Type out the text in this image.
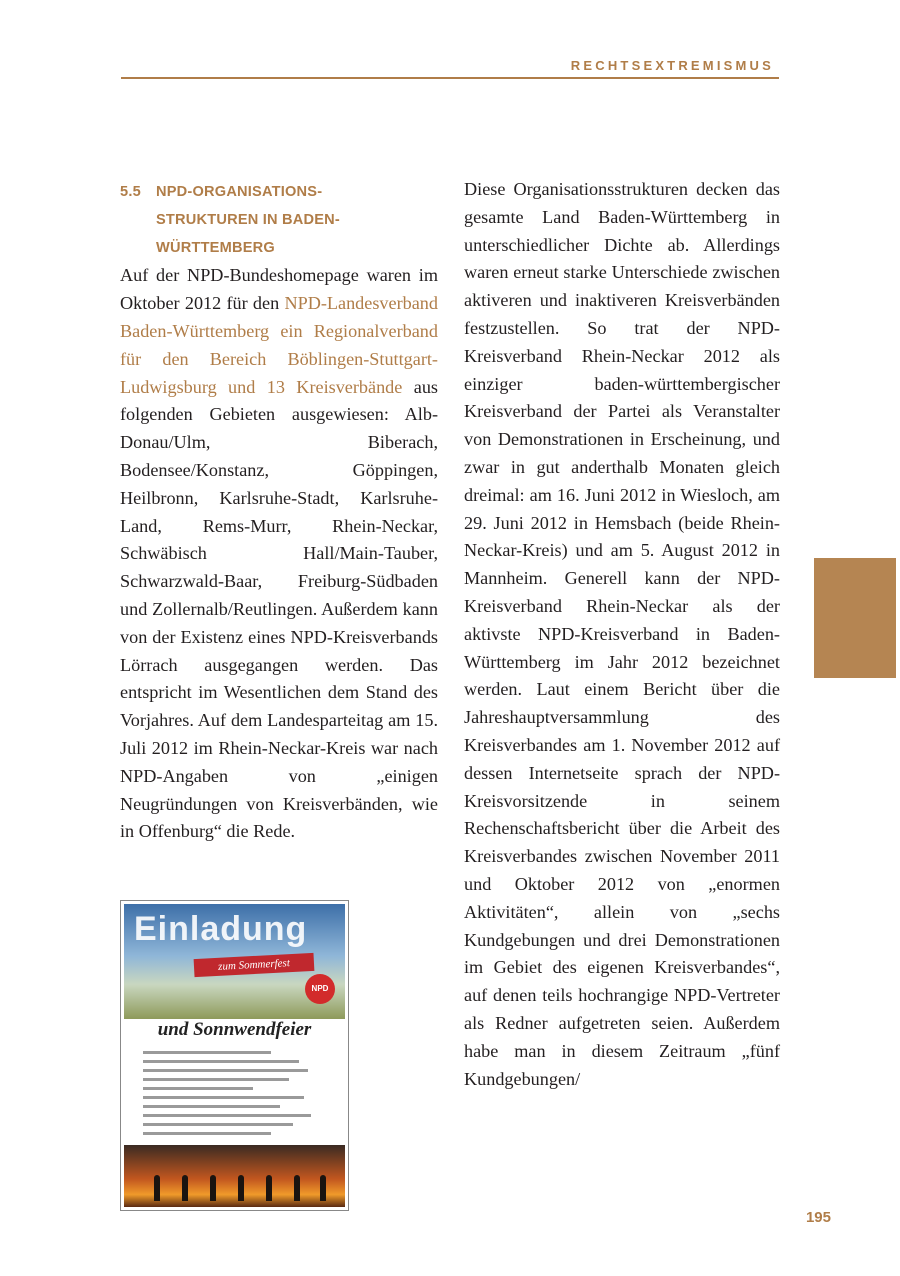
RECHTSEXTREMISMUS
5.5	NPD-ORGANISATIONS-
STRUKTUREN IN BADEN-
WÜRTTEMBERG

Auf der NPD-Bundeshomepage waren im Oktober 2012 für den NPD-Landesverband Baden-Württemberg ein Regionalverband für den Bereich Böblingen-Stuttgart-Ludwigsburg und 13 Kreisverbände aus folgenden Gebieten ausgewiesen: Alb-Donau/Ulm, Biberach, Bodensee/Konstanz, Göppingen, Heilbronn, Karlsruhe-Stadt, Karlsruhe-Land, Rems-Murr, Rhein-Neckar, Schwäbisch Hall/Main-Tauber, Schwarzwald-Baar, Freiburg-Südbaden und Zollernalb/Reutlingen. Außerdem kann von der Existenz eines NPD-Kreisverbands Lörrach ausgegangen werden. Das entspricht im Wesentlichen dem Stand des Vorjahres. Auf dem Landesparteitag am 15. Juli 2012 im Rhein-Neckar-Kreis war nach NPD-Angaben von „einigen Neugründungen von Kreisverbänden, wie in Offenburg“ die Rede.

Diese Organisationsstrukturen decken das gesamte Land Baden-Württemberg in unterschiedlicher Dichte ab. Allerdings waren erneut starke Unterschiede zwischen aktiveren und inaktiveren Kreisverbänden festzustellen. So trat der NPD-Kreisverband Rhein-Neckar 2012 als einziger baden-württembergischer Kreisverband der Partei als Veranstalter von Demonstrationen in Erscheinung, und zwar in gut anderthalb Monaten gleich dreimal: am 16. Juni 2012 in Wiesloch, am 29. Juni 2012 in Hemsbach (beide Rhein-Neckar-Kreis) und am 5. August 2012 in Mannheim. Generell kann der NPD-Kreisverband Rhein-Neckar als der aktivste NPD-Kreisverband in Baden-Württemberg im Jahr 2012 bezeichnet werden. Laut einem Bericht über die Jahreshauptversammlung des Kreisverbandes am 1. November 2012 auf dessen Internetseite sprach der NPD-Kreisvorsitzende in seinem Rechenschaftsbericht über die Arbeit des Kreisverbandes zwischen November 2011 und Oktober 2012 von „enormen Aktivitäten“, allein von „sechs Kundgebungen und drei Demonstrationen im Gebiet des eigenen Kreisverbandes“, auf denen teils hochrangige NPD-Vertreter als Redner aufgetreten seien. Außerdem habe man in diesem Zeitraum „fünf Kundgebungen/

Einladung
zum Sommerfest
NPD
und Sonnwendfeier
195
